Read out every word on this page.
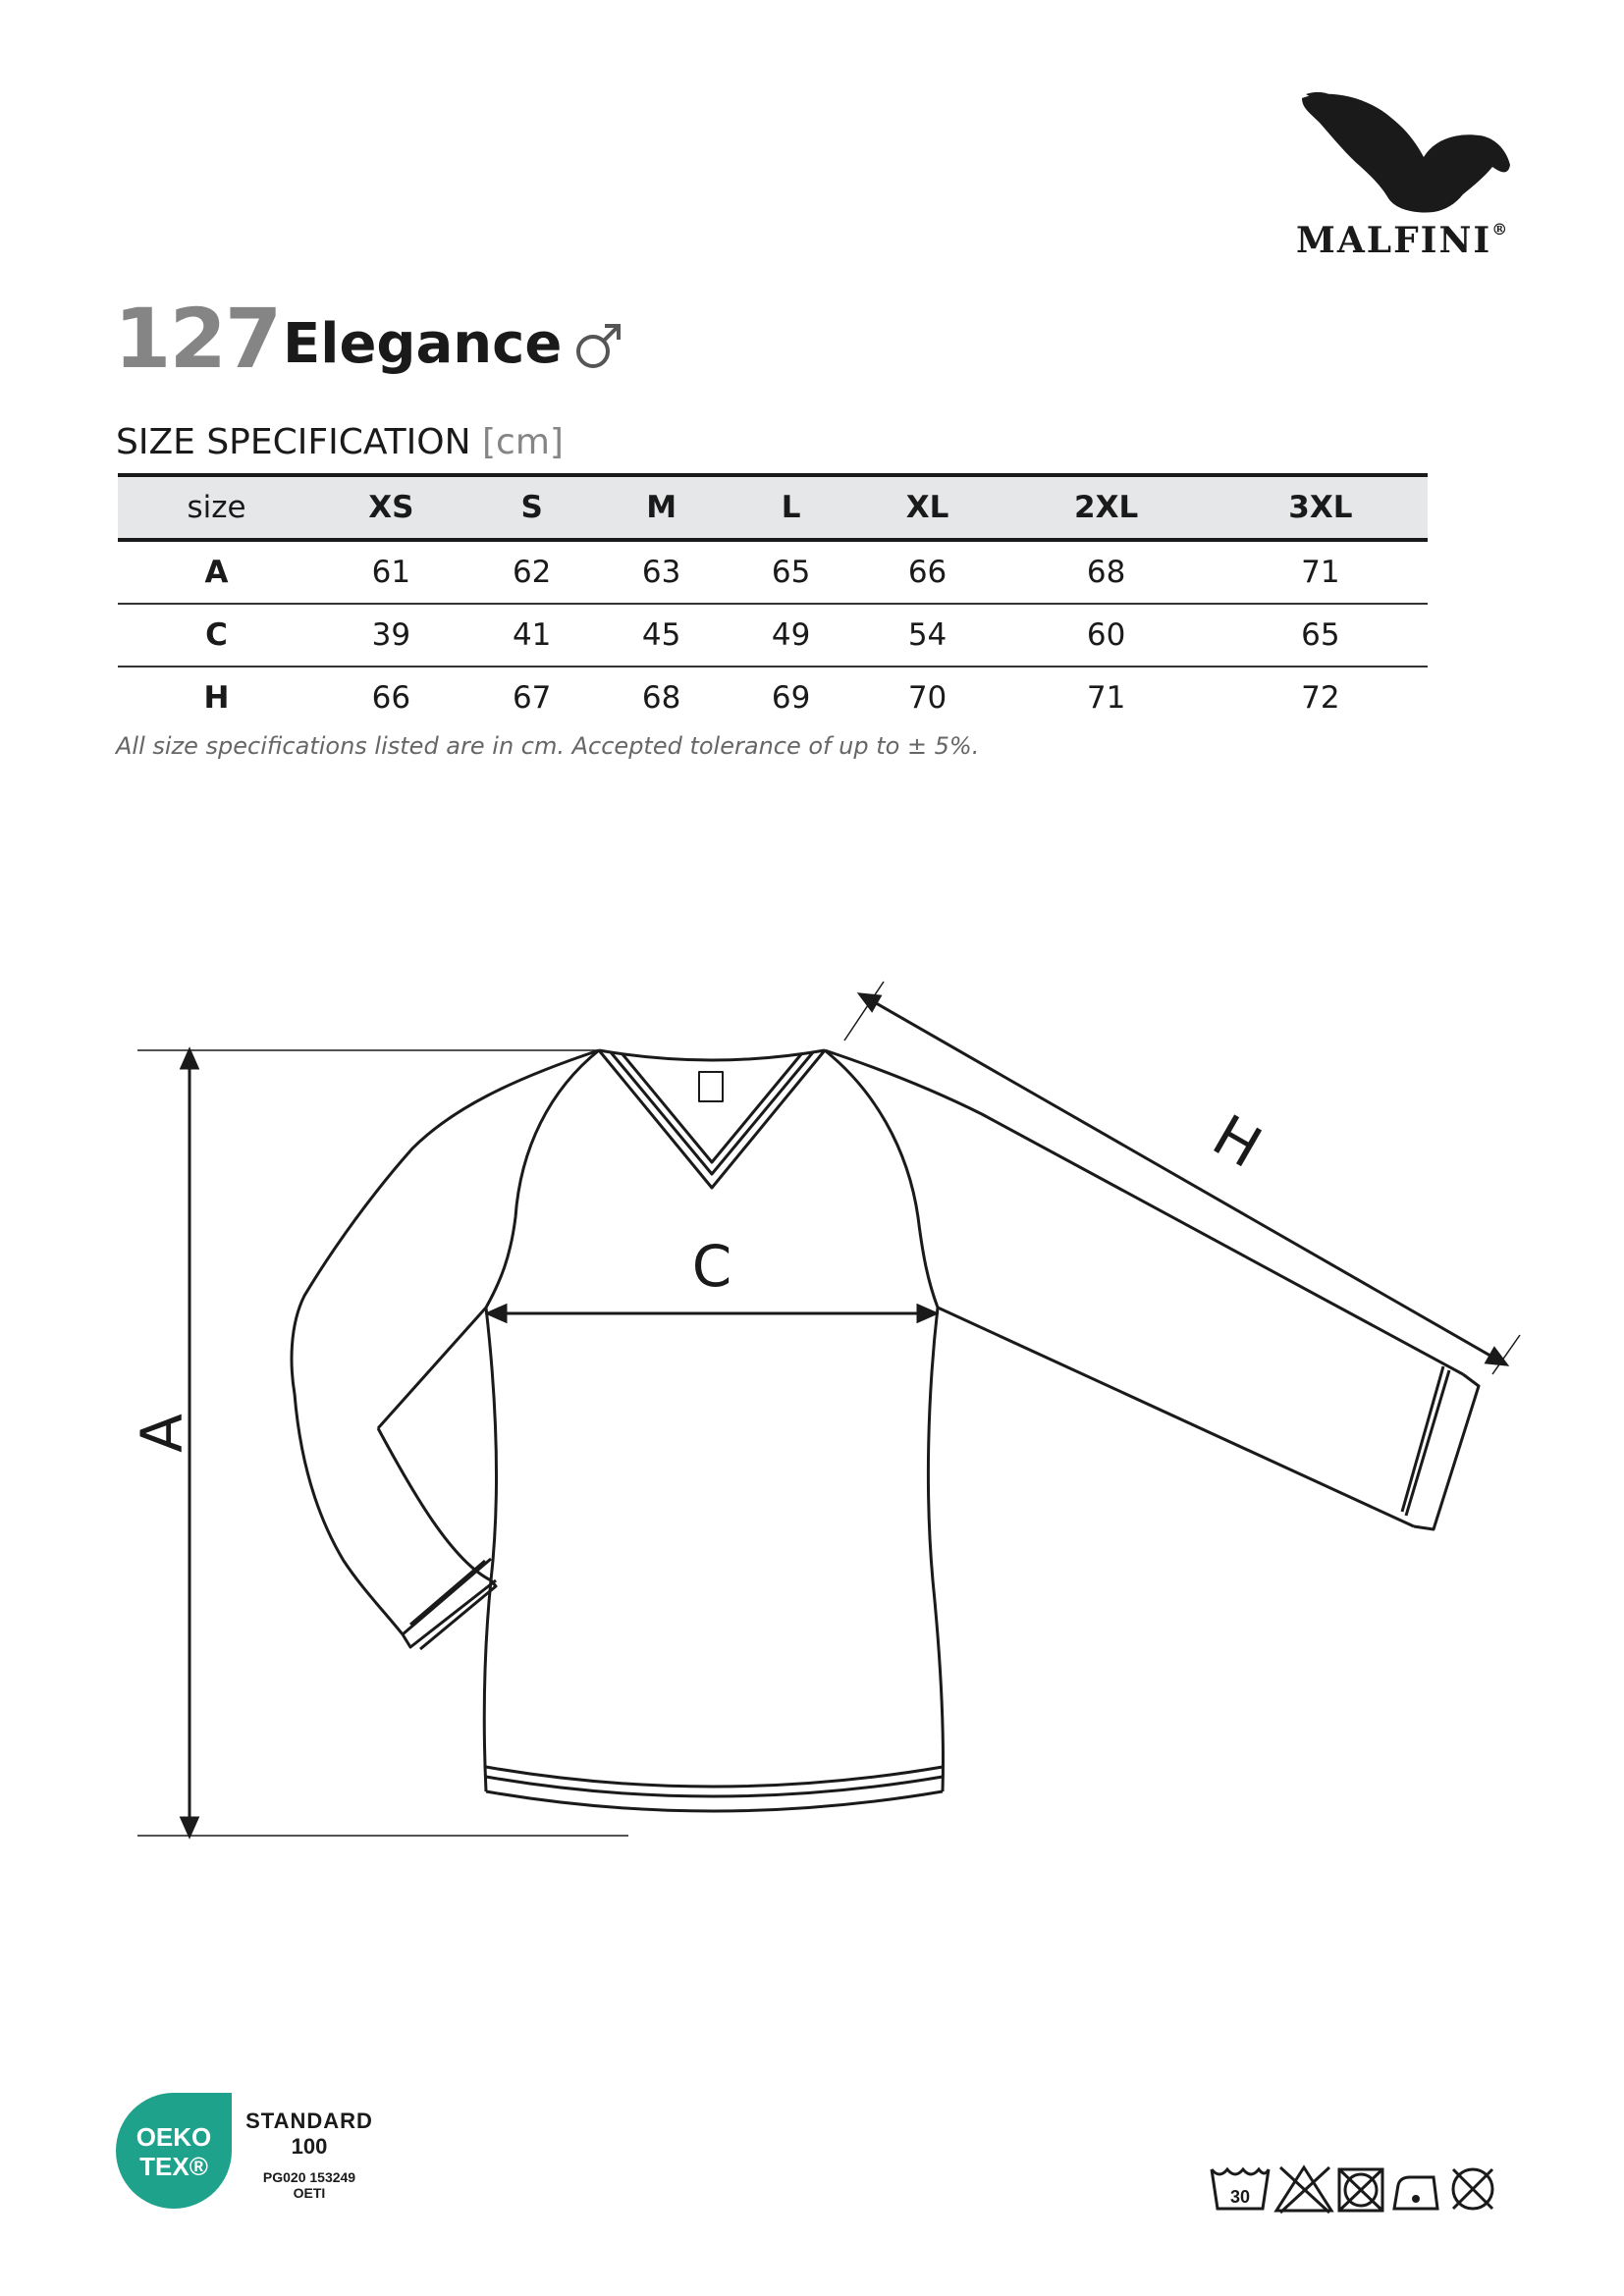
MALFINI®
127 Elegance
SIZE SPECIFICATION [cm]
size	XS	S	M	L	XL	2XL	3XL
A	61	62	63	65	66	68	71
C	39	41	45	49	54	60	65
H	66	67	68	69	70	71	72
All size specifications listed are in cm. Accepted tolerance of up to ± 5%.
A
C
H
OEKO
TEX®
STANDARD
100
PG020 153249
OETI	30
